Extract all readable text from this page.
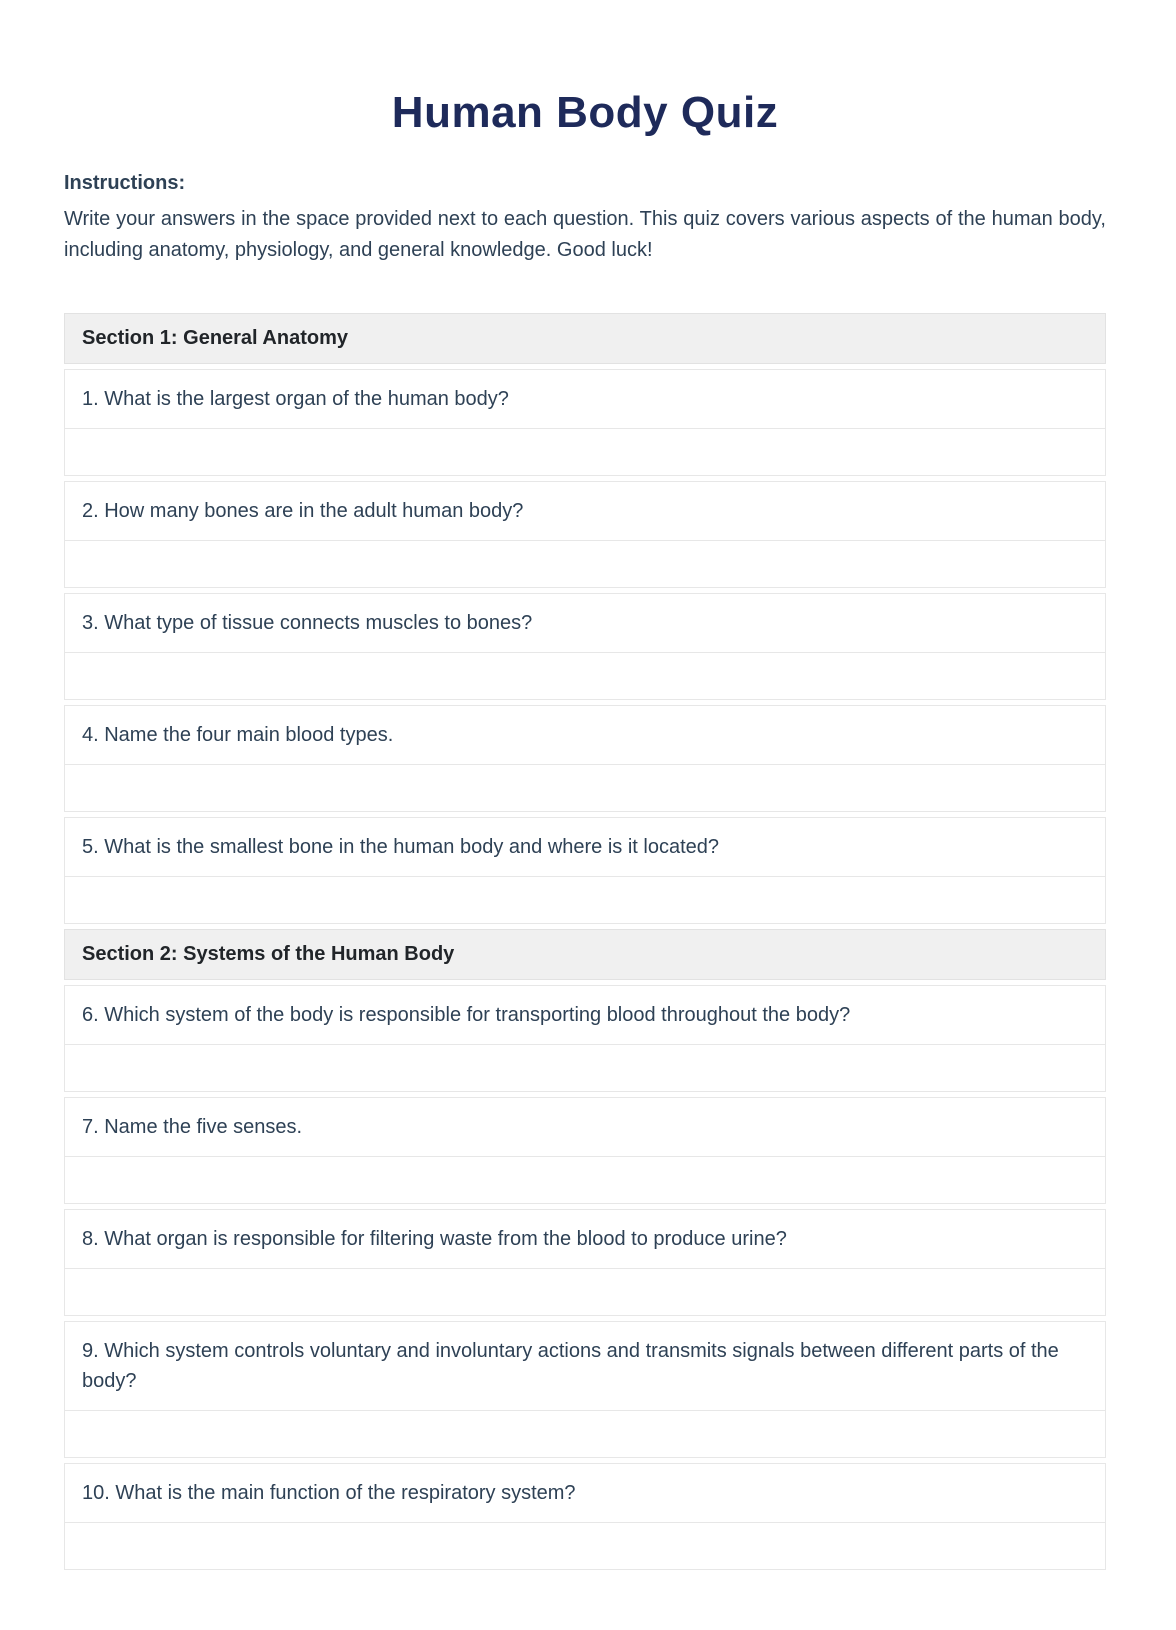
Human Body Quiz
Instructions:

Write your answers in the space provided next to each question. This quiz covers various aspects of the human body, including anatomy, physiology, and general knowledge. Good luck!

Section 1: General Anatomy
1. What is the largest organ of the human body?
2. How many bones are in the adult human body?
3. What type of tissue connects muscles to bones?
4. Name the four main blood types.
5. What is the smallest bone in the human body and where is it located?
Section 2: Systems of the Human Body
6. Which system of the body is responsible for transporting blood throughout the body?
7. Name the five senses.
8. What organ is responsible for filtering waste from the blood to produce urine?
9. Which system controls voluntary and involuntary actions and transmits signals between different parts of the body?
10. What is the main function of the respiratory system?
